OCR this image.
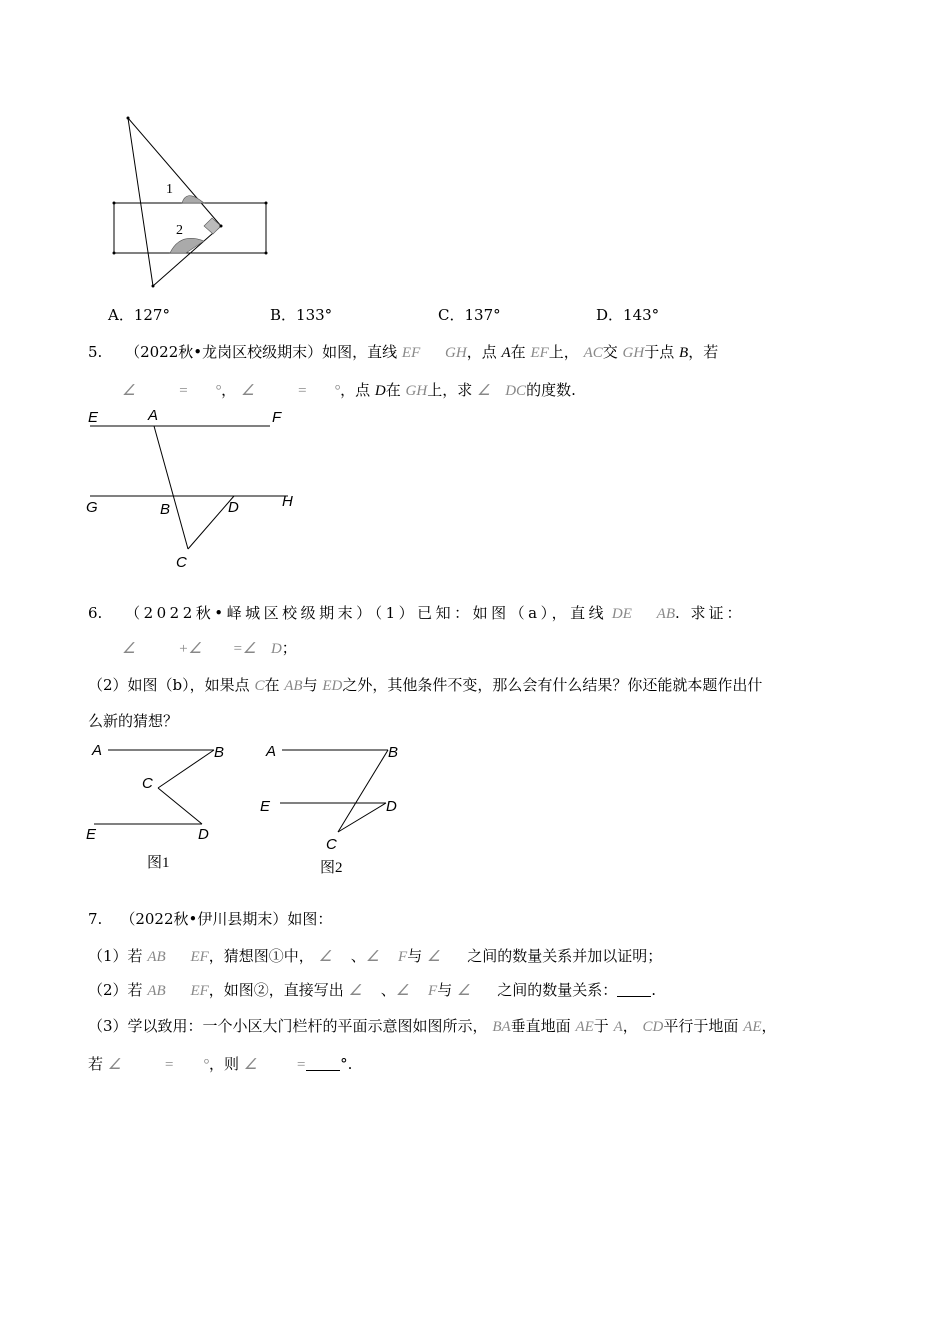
1
2
A．127°	B．133°	C．137°	D．143°
5. （2022秋•龙岗区校级期末）如图，直线 EF GH，点 A在 EF上， AC交 GH于点 B，若
∠	= °， ∠	= °，点 D在 GH上，求 ∠ DC的度数.
E	A	F
G	B	D	H
C
6. （2022秋•峄城区校级期末）（1）已知：如图（a），直线 DE AB. 求证：
∠	+∠ =∠ D；
（2）如图（b），如果点 C在 AB与 ED之外，其他条件不变，那么会有什么结果？你还能就本题作出什
么新的猜想？
A	B
C
E	D
图1
A	B
E	D
C
图2
7. （2022秋•伊川县期末）如图：
（1）若 AB EF，猜想图①中， ∠ 、∠ F与 ∠ 之间的数量关系并加以证明；
（2）若 AB EF，如图②，直接写出 ∠ 、∠ F与 ∠ 之间的数量关系： .
（3）学以致用：一个小区大门栏杆的平面示意图如图所示， BA垂直地面 AE于 A， CD平行于地面 AE，
若 ∠	= °，则 ∠	= °.
